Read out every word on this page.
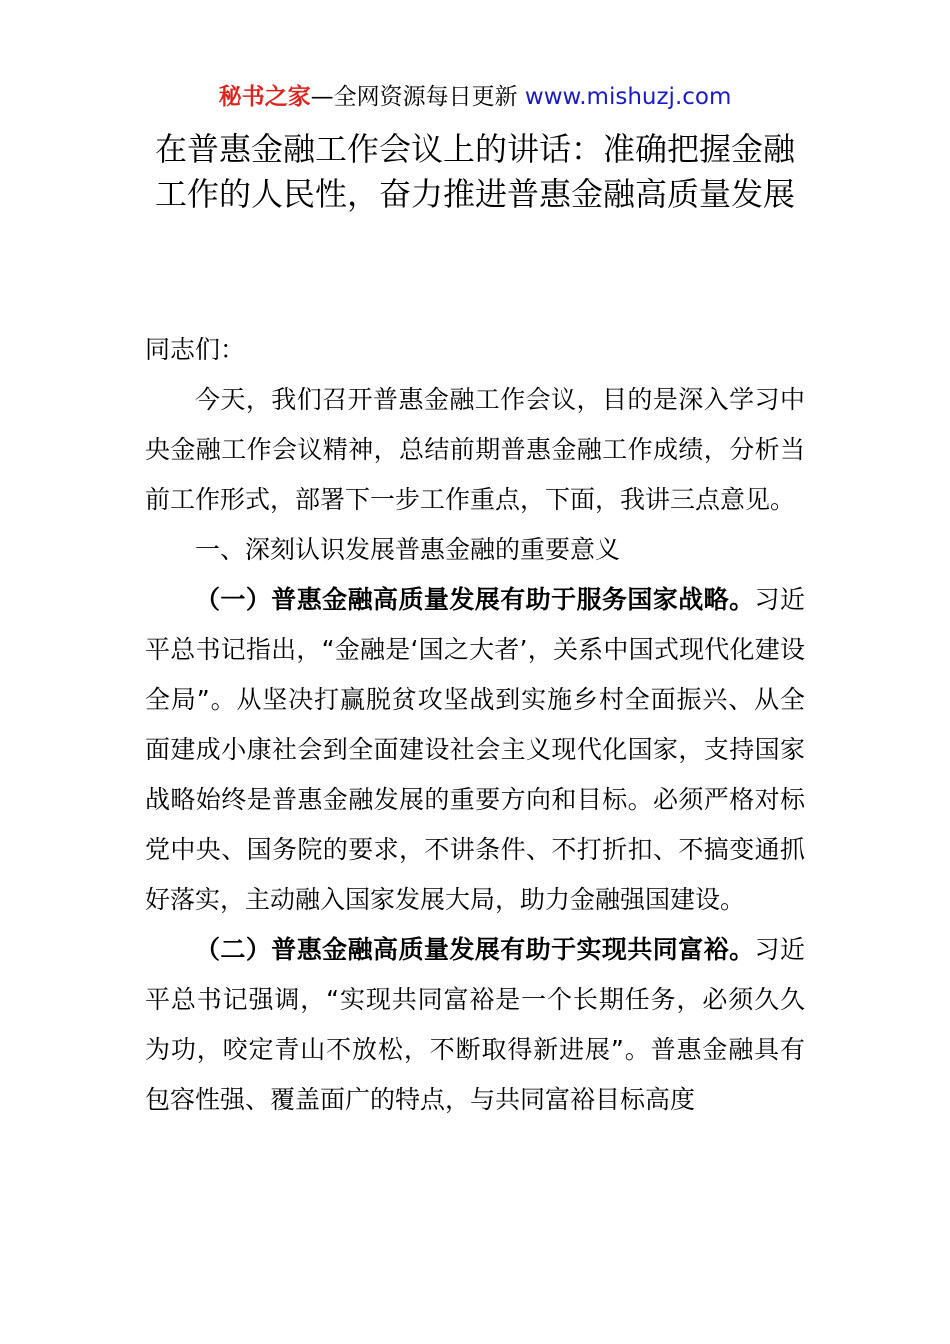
秘书之家—全网资源每日更新 www.mishuzj.com
在普惠金融工作会议上的讲话：准确把握金融工作的人民性，奋力推进普惠金融高质量发展

同志们：

今天，我们召开普惠金融工作会议，目的是深入学习中央金融工作会议精神，总结前期普惠金融工作成绩，分析当前工作形式，部署下一步工作重点，下面，我讲三点意见。

一、深刻认识发展普惠金融的重要意义

（一）普惠金融高质量发展有助于服务国家战略。习近平总书记指出，“金融是‘国之大者’，关系中国式现代化建设全局”。从坚决打赢脱贫攻坚战到实施乡村全面振兴、从全面建成小康社会到全面建设社会主义现代化国家，支持国家战略始终是普惠金融发展的重要方向和目标。必须严格对标党中央、国务院的要求，不讲条件、不打折扣、不搞变通抓好落实，主动融入国家发展大局，助力金融强国建设。

（二）普惠金融高质量发展有助于实现共同富裕。习近平总书记强调，“实现共同富裕是一个长期任务，必须久久为功，咬定青山不放松，不断取得新进展”。普惠金融具有包容性强、覆盖面广的特点，与共同富裕目标高度
